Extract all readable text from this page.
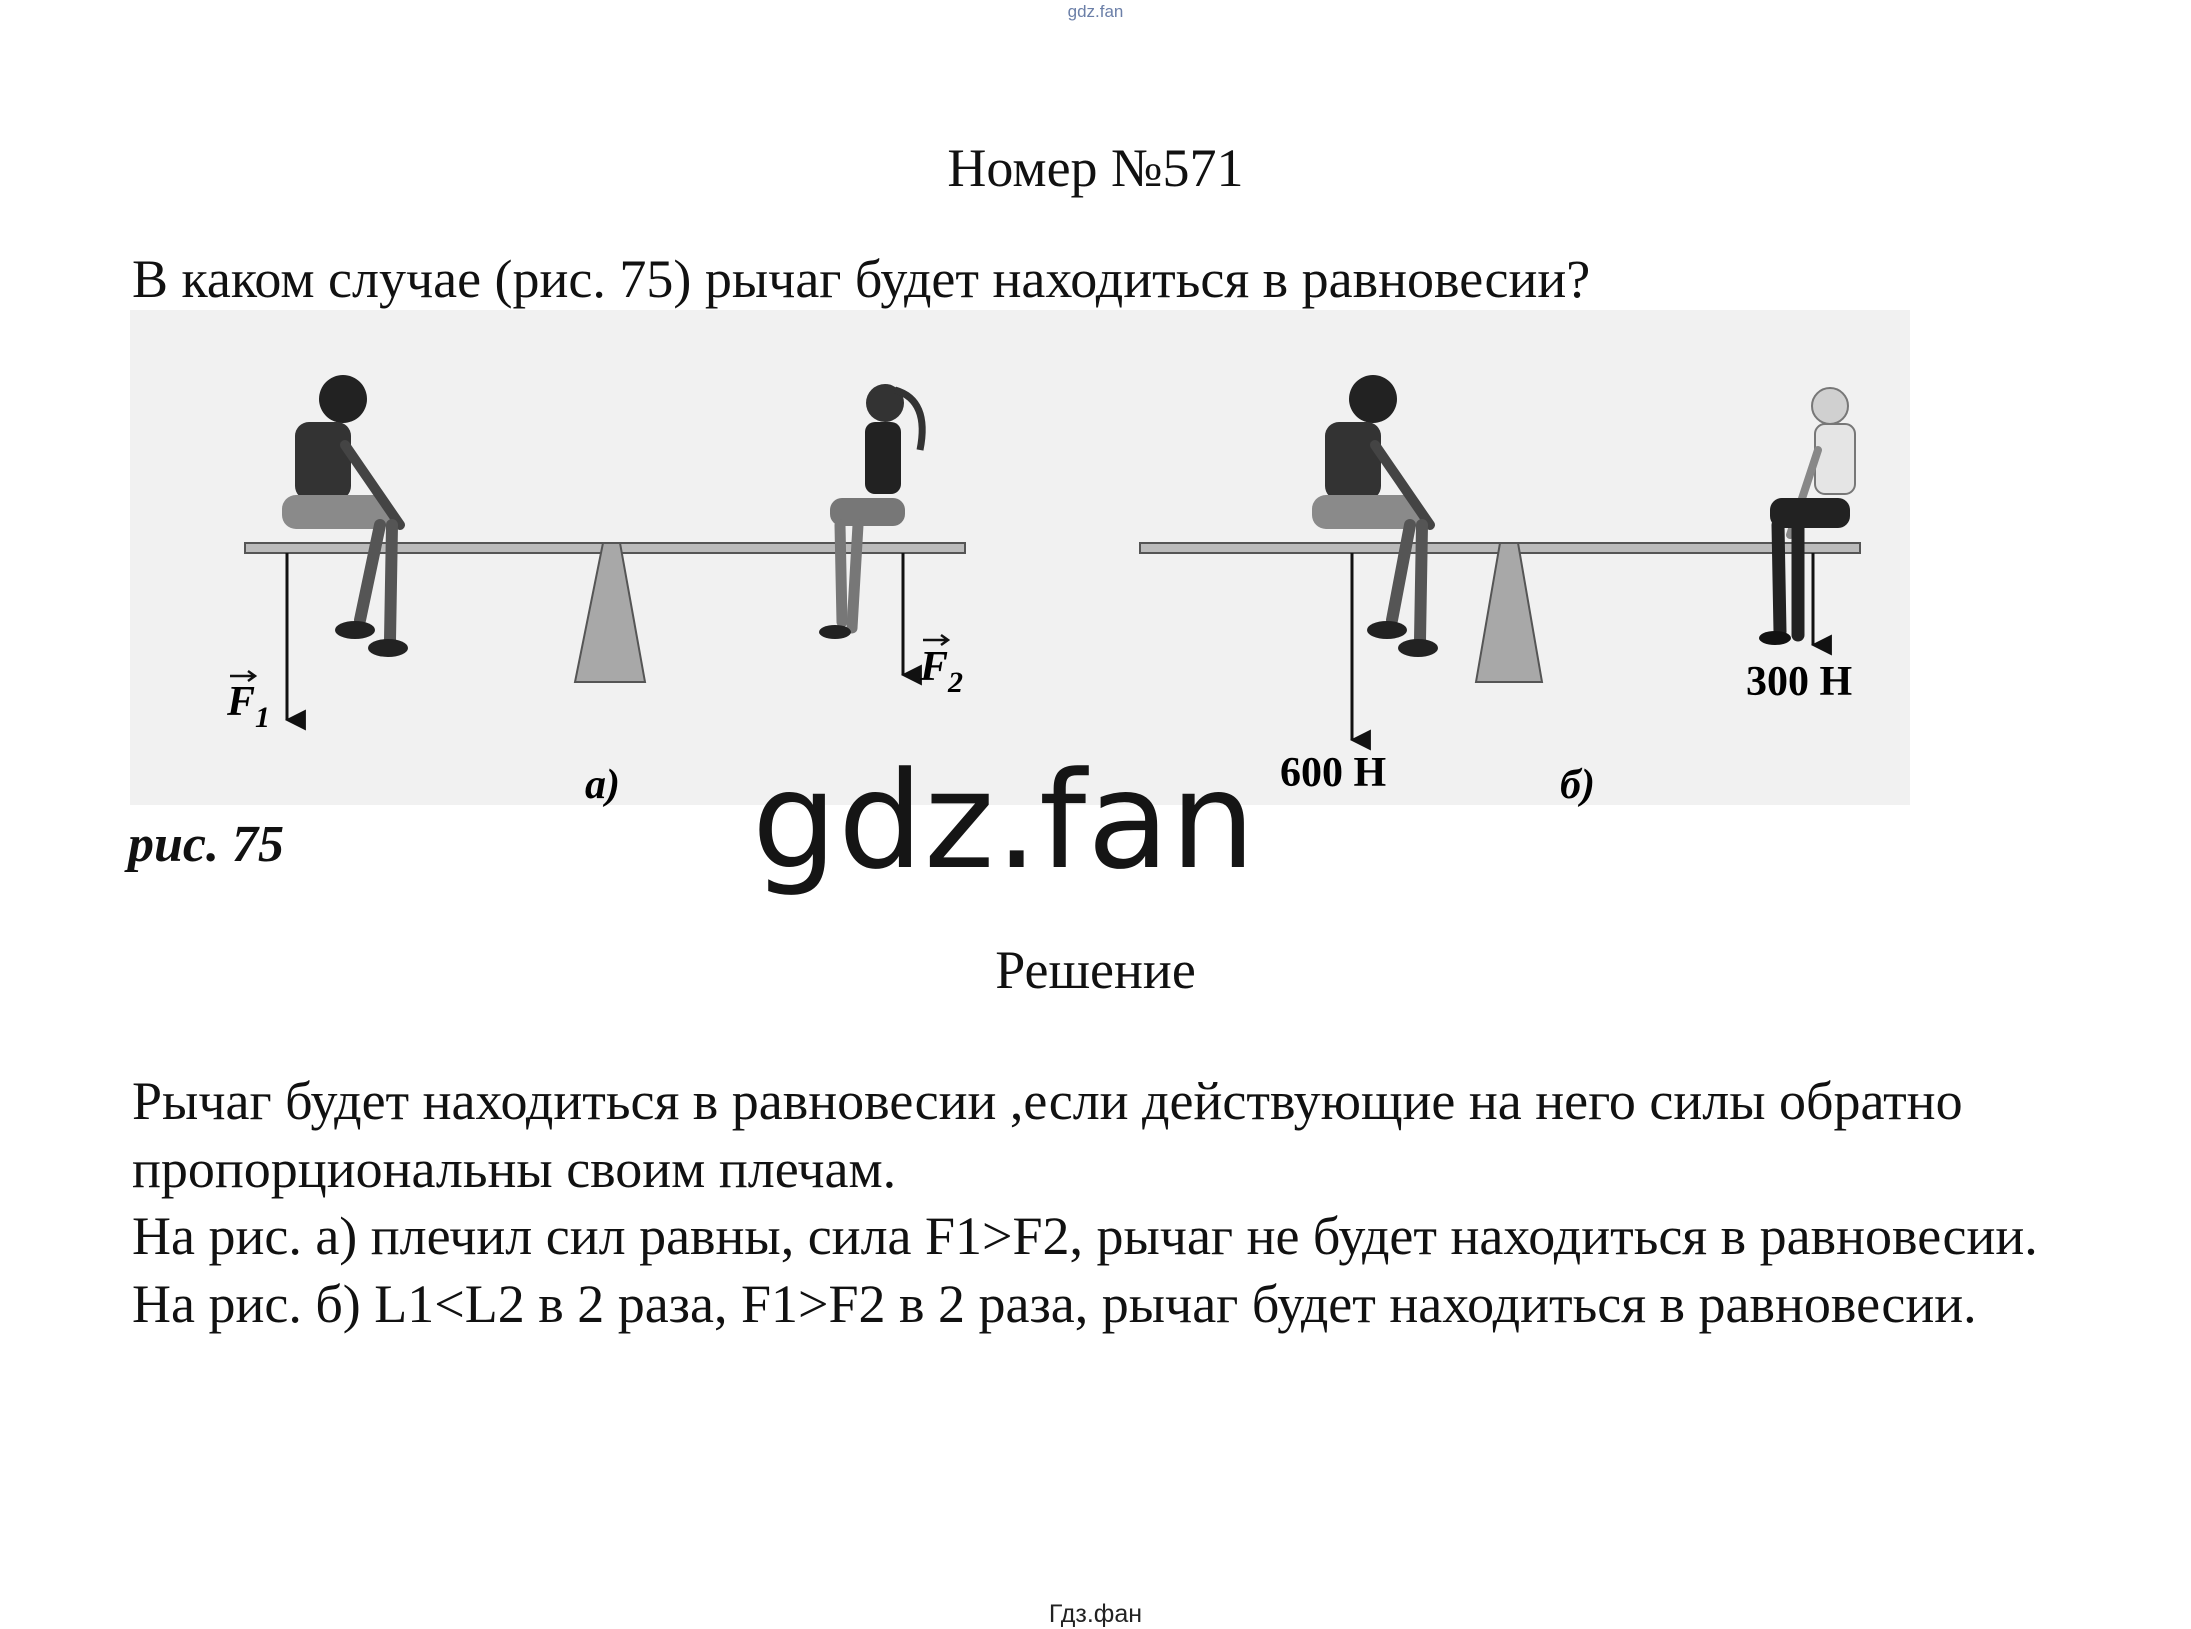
gdz.fan
Номер №571
В каком случае (рис. 75) рычаг будет находиться в равновесии?
$F_1$
$F_2$
а)	600 Н
300 Н
б)
рис. 75	gdz.fan
Решение

Рычаг будет находиться в равновесии ,если действующие на него силы обратно пропорциональны своим плечам.

На рис. а) плечил сил равны, сила F1>F2, рычаг не будет находиться в равновесии.

На рис. б) L1<L2 в 2 раза, F1>F2 в 2 раза, рычаг будет находиться в равновесии.

Гдз.фан
